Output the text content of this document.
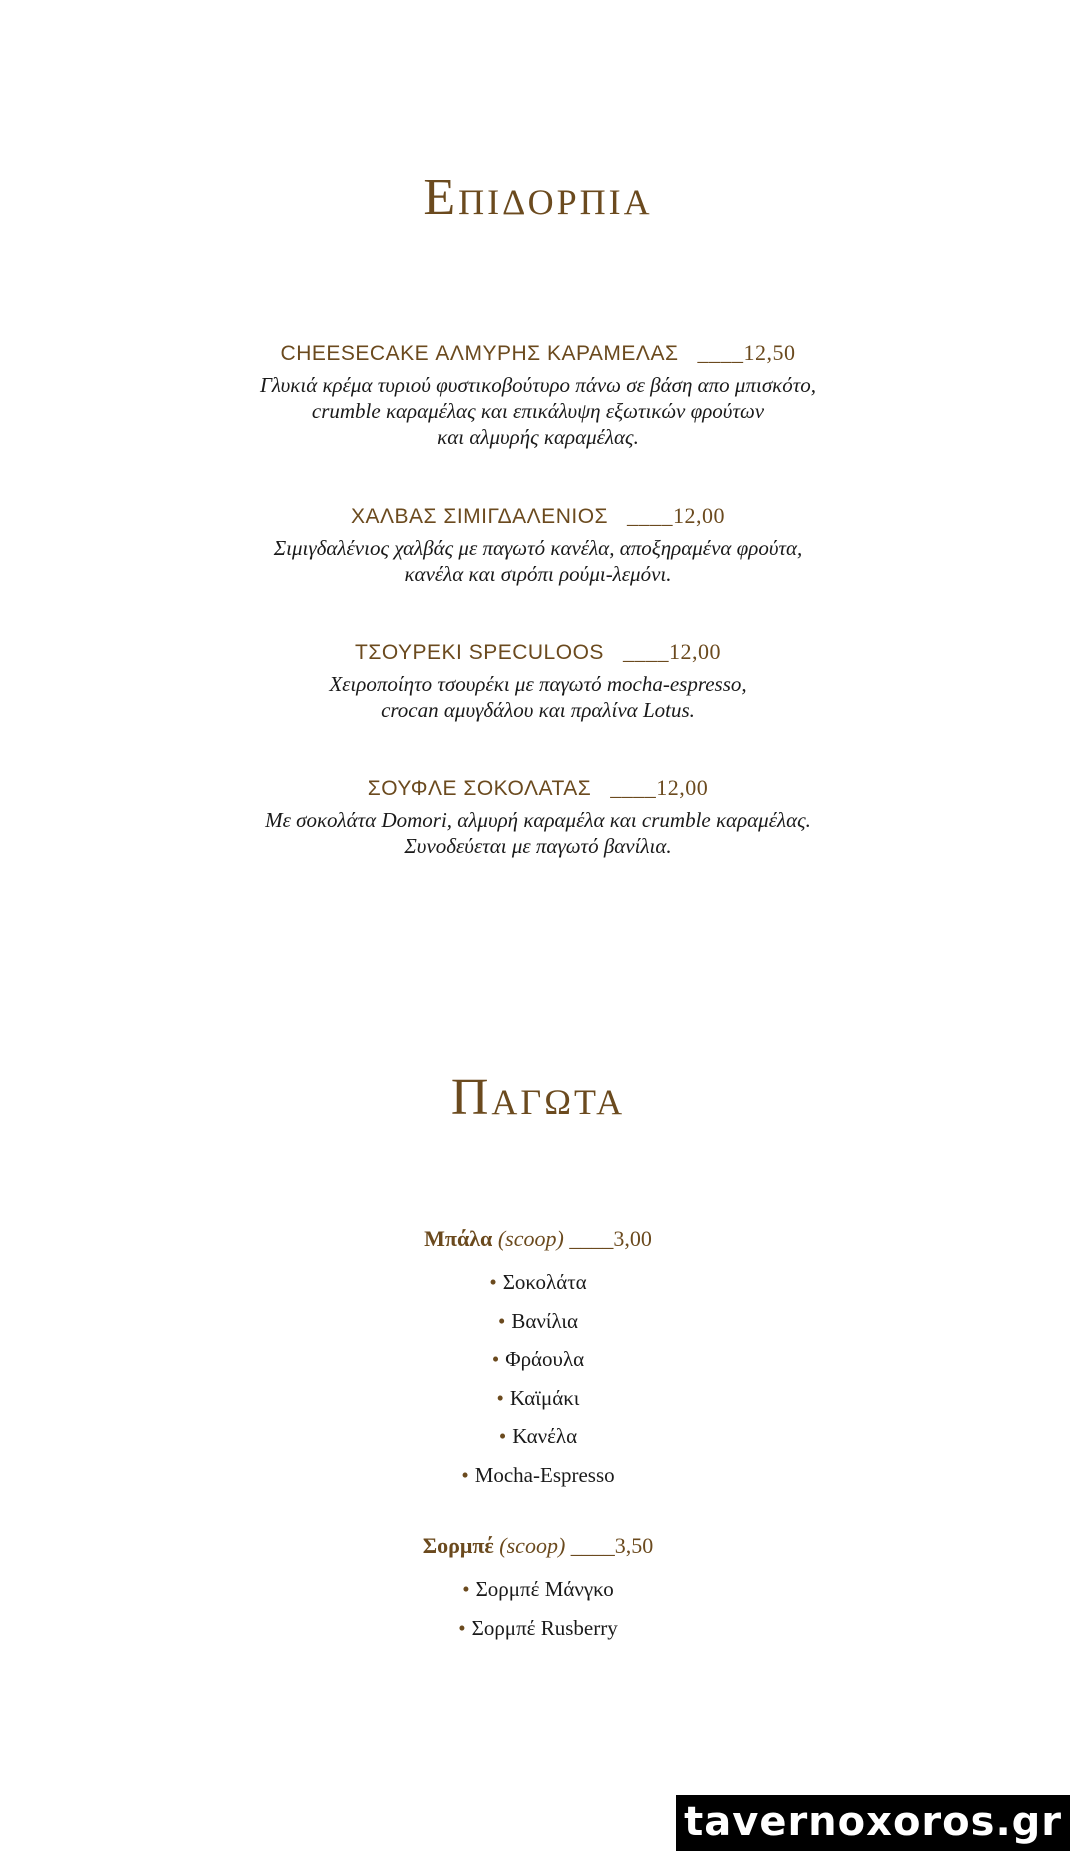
Επιδορπια
CHEESECAKE ΑΛΜΥΡΗΣ ΚΑΡΑΜΕΛΑΣ ____12,50
Γλυκιά κρέμα τυριού φυστικοβούτυρο πάνω σε βάση απο μπισκότο,
crumble καραμέλας και επικάλυψη εξωτικών φρούτων
και αλμυρής καραμέλας.
ΧΑΛΒΑΣ ΣΙΜΙΓΔΑΛΕΝΙΟΣ ____12,00
Σιμιγδαλένιος χαλβάς με παγωτό κανέλα, αποξηραμένα φρούτα,
κανέλα και σιρόπι ρούμι-λεμόνι.
ΤΣΟΥΡΕΚΙ SPECULOOS ____12,00
Χειροποίητο τσουρέκι με παγωτό mocha-espresso,
crocan αμυγδάλου και πραλίνα Lotus.
ΣΟΥΦΛΕ ΣΟΚΟΛΑΤΑΣ ____12,00
Με σοκολάτα Domori, αλμυρή καραμέλα και crumble καραμέλας.
Συνοδεύεται με παγωτό βανίλια.
Παγωτα
Μπάλα (scoop) ____3,00
• Σοκολάτα
• Βανίλια
• Φράουλα
• Καϊμάκι
• Κανέλα
• Mocha-Espresso
Σορμπέ (scoop) ____3,50
• Σορμπέ Μάνγκο
• Σορμπέ Rusberry
tavernoxoros.gr
